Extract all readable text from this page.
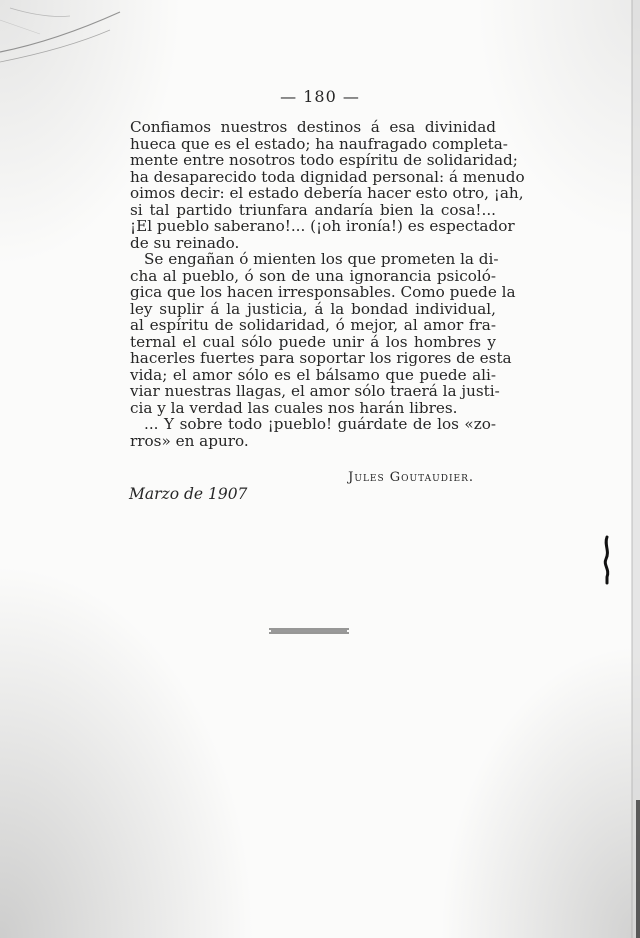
— 180 —
Confiamos nuestros destinos á esa divinidad
hueca que es el estado; ha naufragado completa-
mente entre nosotros todo espíritu de solidaridad;
ha desaparecido toda dignidad personal: á menudo
oimos decir: el estado debería hacer esto otro, ¡ah,
si tal partido triunfara andaría bien la cosa!...
¡El pueblo saberano!... (¡oh ironía!) es espectador
de su reinado.
Se engañan ó mienten los que prometen la di-
cha al pueblo, ó son de una ignorancia psicoló-
gica que los hacen irresponsables. Como puede la
ley suplir á la justicia, á la bondad individual,
al espíritu de solidaridad, ó mejor, al amor fra-
ternal el cual sólo puede unir á los hombres y
hacerles fuertes para soportar los rigores de esta
vida; el amor sólo es el bálsamo que puede ali-
viar nuestras llagas, el amor sólo traerá la justi-
cia y la verdad las cuales nos harán libres.
... Y sobre todo ¡pueblo! guárdate de los «zo-
rros» en apuro.
Jules Goutaudier.
Marzo de 1907
